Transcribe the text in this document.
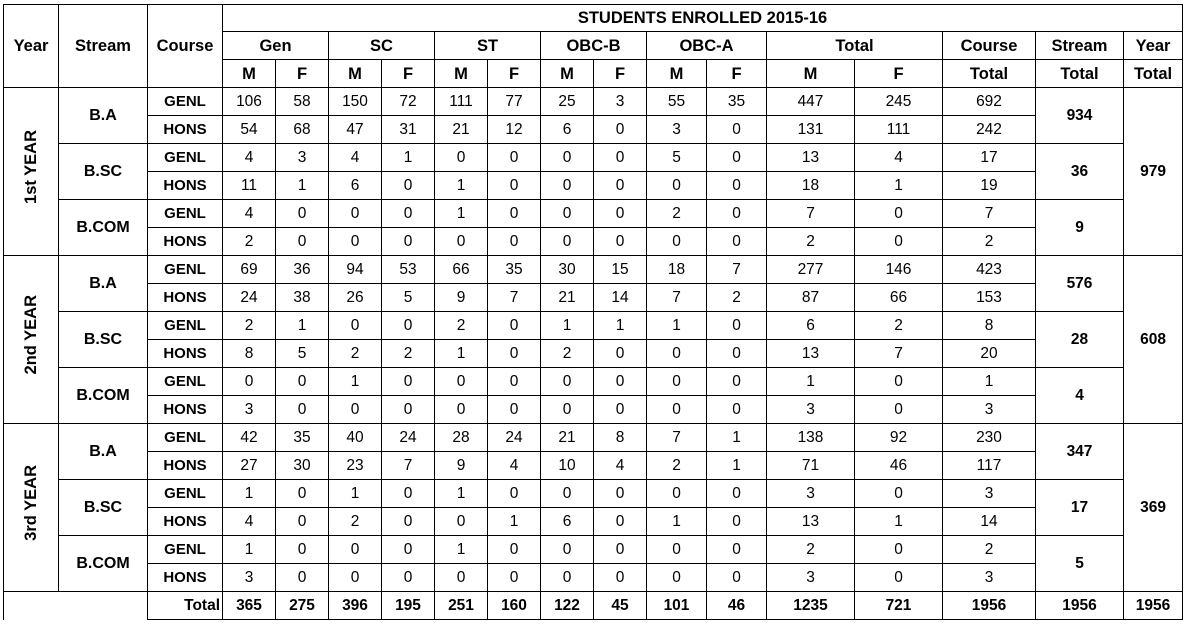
Year	Stream	Course	STUDENTS ENROLLED 2015-16														
			Gen		SC		ST		OBC-B		OBC-A		Total		Course	Stream	Year
			M	F	M	F	M	F	M	F	M	F	M	F	Total	Total	Total
1st YEAR	B.A	GENL	106	58	150	72	111	77	25	3	55	35	447	245	692	934	979
		HONS	54	68	47	31	21	12	6	0	3	0	131	111	242		
	B.SC	GENL	4	3	4	1	0	0	0	0	5	0	13	4	17	36	
		HONS	11	1	6	0	1	0	0	0	0	0	18	1	19		
	B.COM	GENL	4	0	0	0	1	0	0	0	2	0	7	0	7	9	
		HONS	2	0	0	0	0	0	0	0	0	0	2	0	2		
2nd YEAR	B.A	GENL	69	36	94	53	66	35	30	15	18	7	277	146	423	576	608
		HONS	24	38	26	5	9	7	21	14	7	2	87	66	153		
	B.SC	GENL	2	1	0	0	2	0	1	1	1	0	6	2	8	28	
		HONS	8	5	2	2	1	0	2	0	0	0	13	7	20		
	B.COM	GENL	0	0	1	0	0	0	0	0	0	0	1	0	1	4	
		HONS	3	0	0	0	0	0	0	0	0	0	3	0	3		
3rd YEAR	B.A	GENL	42	35	40	24	28	24	21	8	7	1	138	92	230	347	369
		HONS	27	30	23	7	9	4	10	4	2	1	71	46	117		
	B.SC	GENL	1	0	1	0	1	0	0	0	0	0	3	0	3	17	
		HONS	4	0	2	0	0	1	6	0	1	0	13	1	14		
	B.COM	GENL	1	0	0	0	1	0	0	0	0	0	2	0	2	5	
		HONS	3	0	0	0	0	0	0	0	0	0	3	0	3		
		Total	365	275	396	195	251	160	122	45	101	46	1235	721	1956	1956	1956
